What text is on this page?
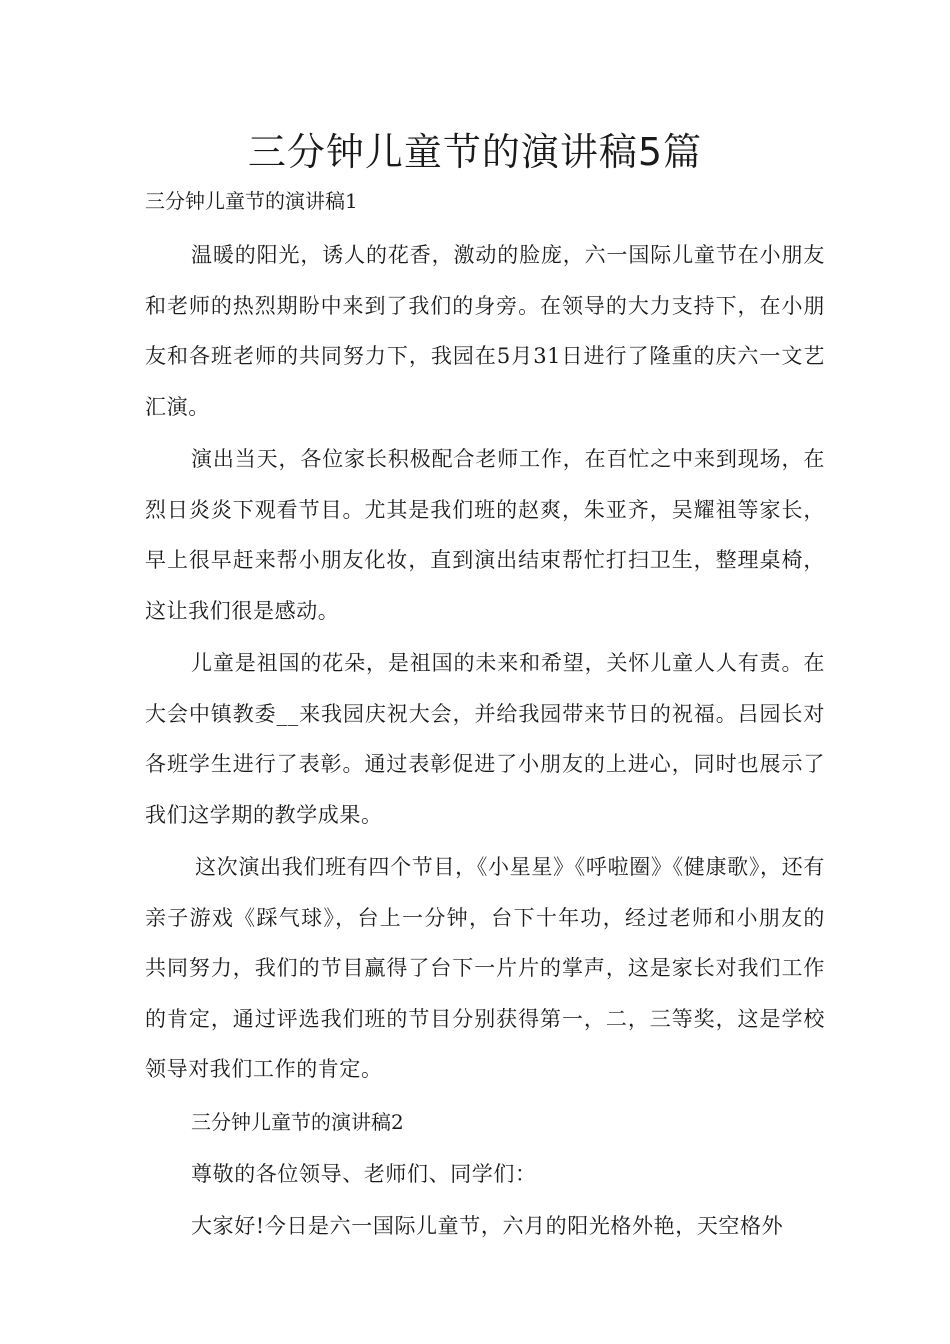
三分钟儿童节的演讲稿5篇

三分钟儿童节的演讲稿1

温暖的阳光，诱人的花香，激动的脸庞，六一国际儿童节在小朋友和老师的热烈期盼中来到了我们的身旁。在领导的大力支持下，在小朋友和各班老师的共同努力下，我园在5月31日进行了隆重的庆六一文艺汇演。

演出当天，各位家长积极配合老师工作，在百忙之中来到现场，在烈日炎炎下观看节目。尤其是我们班的赵爽，朱亚齐，吴耀祖等家长，早上很早赶来帮小朋友化妆，直到演出结束帮忙打扫卫生，整理桌椅，这让我们很是感动。

儿童是祖国的花朵，是祖国的未来和希望，关怀儿童人人有责。在大会中镇教委__来我园庆祝大会，并给我园带来节日的祝福。吕园长对各班学生进行了表彰。通过表彰促进了小朋友的上进心，同时也展示了我们这学期的教学成果。

这次演出我们班有四个节目，《小星星》《呼啦圈》《健康歌》，还有亲子游戏《踩气球》，台上一分钟，台下十年功，经过老师和小朋友的共同努力，我们的节目赢得了台下一片片的掌声，这是家长对我们工作的肯定，通过评选我们班的节目分别获得第一，二，三等奖，这是学校领导对我们工作的肯定。

三分钟儿童节的演讲稿2

尊敬的各位领导、老师们、同学们：

大家好!今日是六一国际儿童节，六月的阳光格外艳，天空格外
